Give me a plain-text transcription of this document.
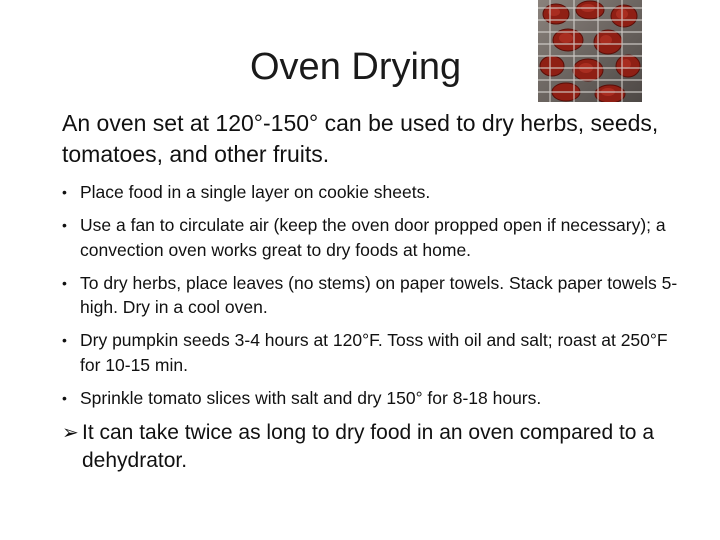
Oven Drying
An oven set at 120°-150° can be used to dry herbs, seeds, tomatoes, and other fruits.
• Place food in a single layer on cookie sheets.
• Use a fan to circulate air (keep the oven door propped open if necessary); a convection oven works great to dry foods at home.
• To dry herbs, place leaves (no stems) on paper towels. Stack paper towels 5-high. Dry in a cool oven.
• Dry pumpkin seeds 3-4 hours at 120°F. Toss with oil and salt; roast at 250°F for 10-15 min.
• Sprinkle tomato slices with salt and dry 150° for 8-18 hours.
➢ It can take twice as long to dry food in an oven compared to a dehydrator.
